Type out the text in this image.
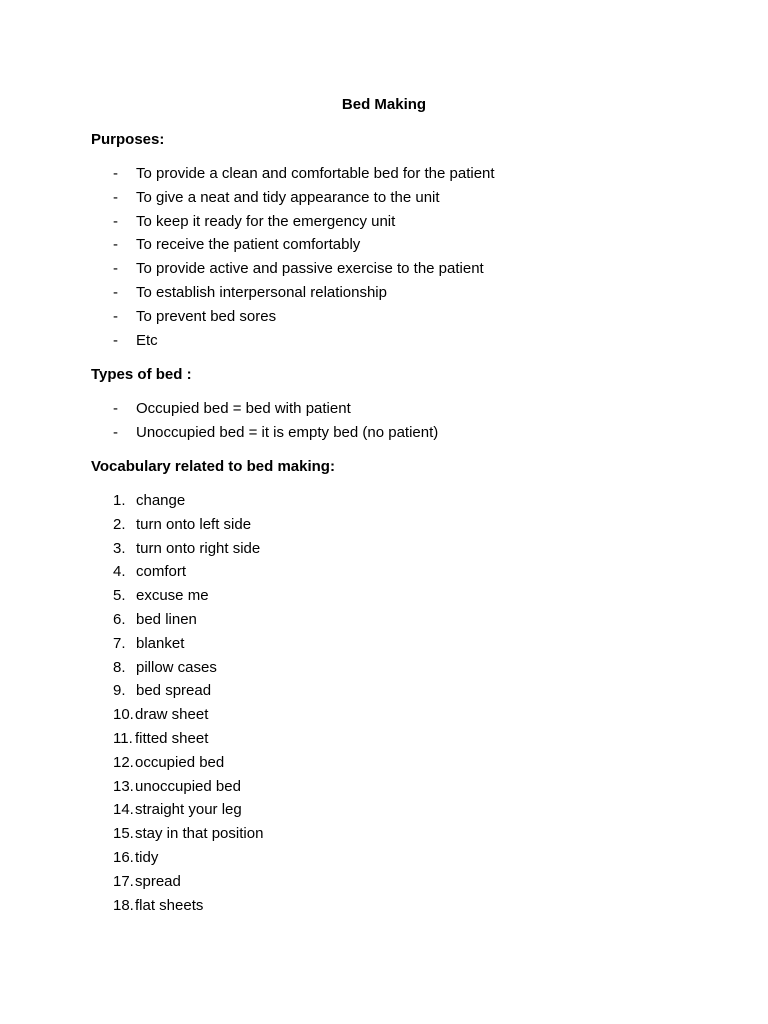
Bed Making
Purposes:
- To provide a clean and comfortable bed for the patient
- To give a neat and tidy appearance to the unit
- To keep it ready for the emergency unit
- To receive the patient comfortably
- To provide active and passive exercise to the patient
- To establish interpersonal relationship
- To prevent bed sores
- Etc
Types of bed :
- Occupied bed = bed with patient
- Unoccupied bed = it is empty bed (no patient)
Vocabulary related to bed making:
1. change
2. turn onto left side
3. turn onto right side
4. comfort
5. excuse me
6. bed linen
7. blanket
8. pillow cases
9. bed spread
10. draw sheet
11. fitted sheet
12. occupied bed
13. unoccupied bed
14. straight your leg
15. stay in that position
16. tidy
17. spread
18. flat sheets
